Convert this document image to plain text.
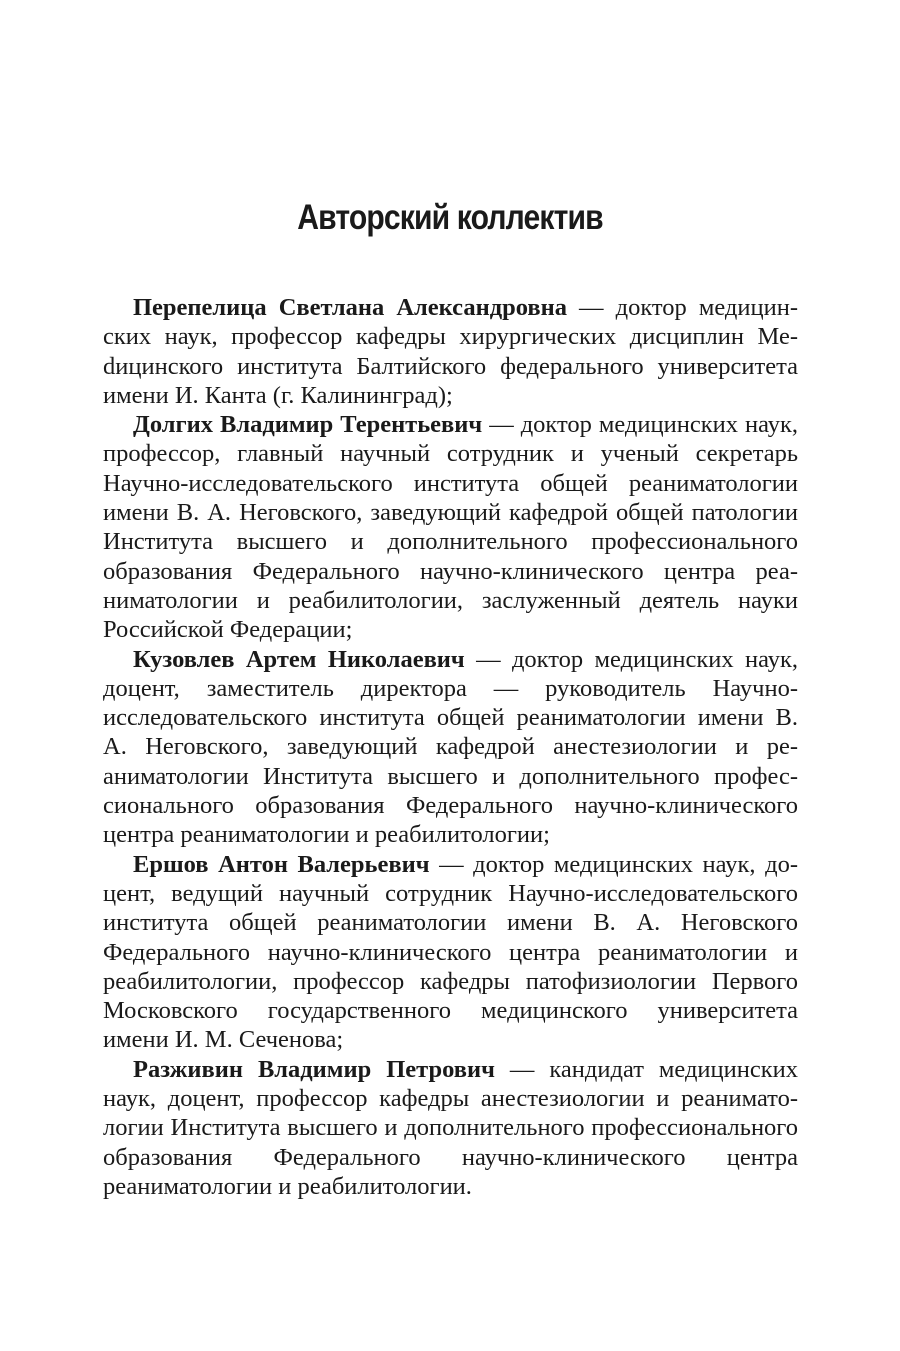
Авторский коллектив

Перепелица Светлана Александровна — доктор медицинских наук, профессор кафедры хирургических дисциплин Меdицинского института Балтийского федерального университета имени И. Канта (г. Калининград);

Долгих Владимир Терентьевич — доктор медицинских наук, профессор, главный научный сотрудник и ученый секретарь Научно-исследовательского института общей реаниматологии имени В. А. Неговского, заведующий кафедрой общей патологии Института высшего и дополнительного профессионального образования Федерального научно-клинического центра реаниматологии и реабилитологии, заслуженный деятель науки Российской Федерации;

Кузовлев Артем Николаевич — доктор медицинских наук, доцент, заместитель директора — руководитель Научно-исследовательского института общей реаниматологии имени В. А. Неговского, заведующий кафедрой анестезиологии и реаниматологии Института высшего и дополнительного профессионального образования Федерального научно-клинического центра реаниматологии и реабилитологии;

Ершов Антон Валерьевич — доктор медицинских наук, доцент, ведущий научный сотрудник Научно-исследовательского института общей реаниматологии имени В. А. Неговского Федерального научно-клинического центра реаниматологии и реабилитологии, профессор кафедры патофизиологии Первого Московского государственного медицинского университета имени И. М. Сеченова;

Разживин Владимир Петрович — кандидат медицинских наук, доцент, профессор кафедры анестезиологии и реаниматологии Института высшего и дополнительного профессионального образования Федерального научно-клинического центра реаниматологии и реабилитологии.
